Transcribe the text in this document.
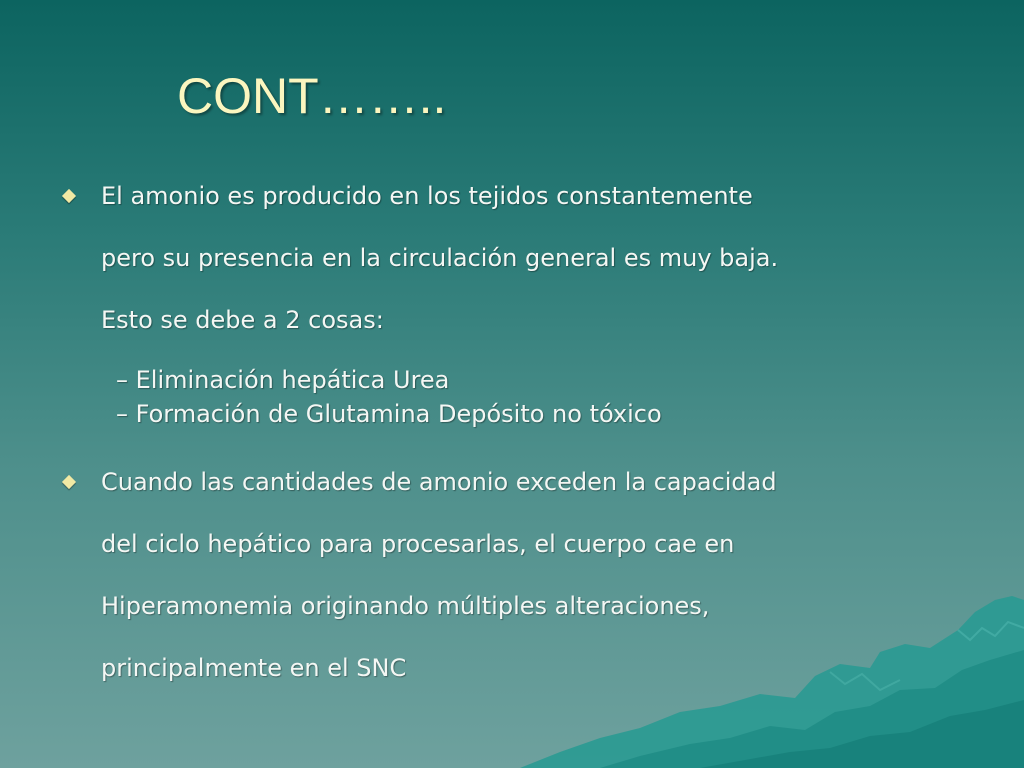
CONT……..
El amonio es producido en los tejidos constantemente
pero su presencia en la circulación general es muy baja.
Esto se debe a 2 cosas:
– Eliminación hepática Urea
– Formación de Glutamina Depósito no tóxico
Cuando las cantidades de amonio exceden la capacidad
del ciclo hepático para procesarlas, el cuerpo cae en
Hiperamonemia originando múltiples alteraciones,
principalmente en el SNC
